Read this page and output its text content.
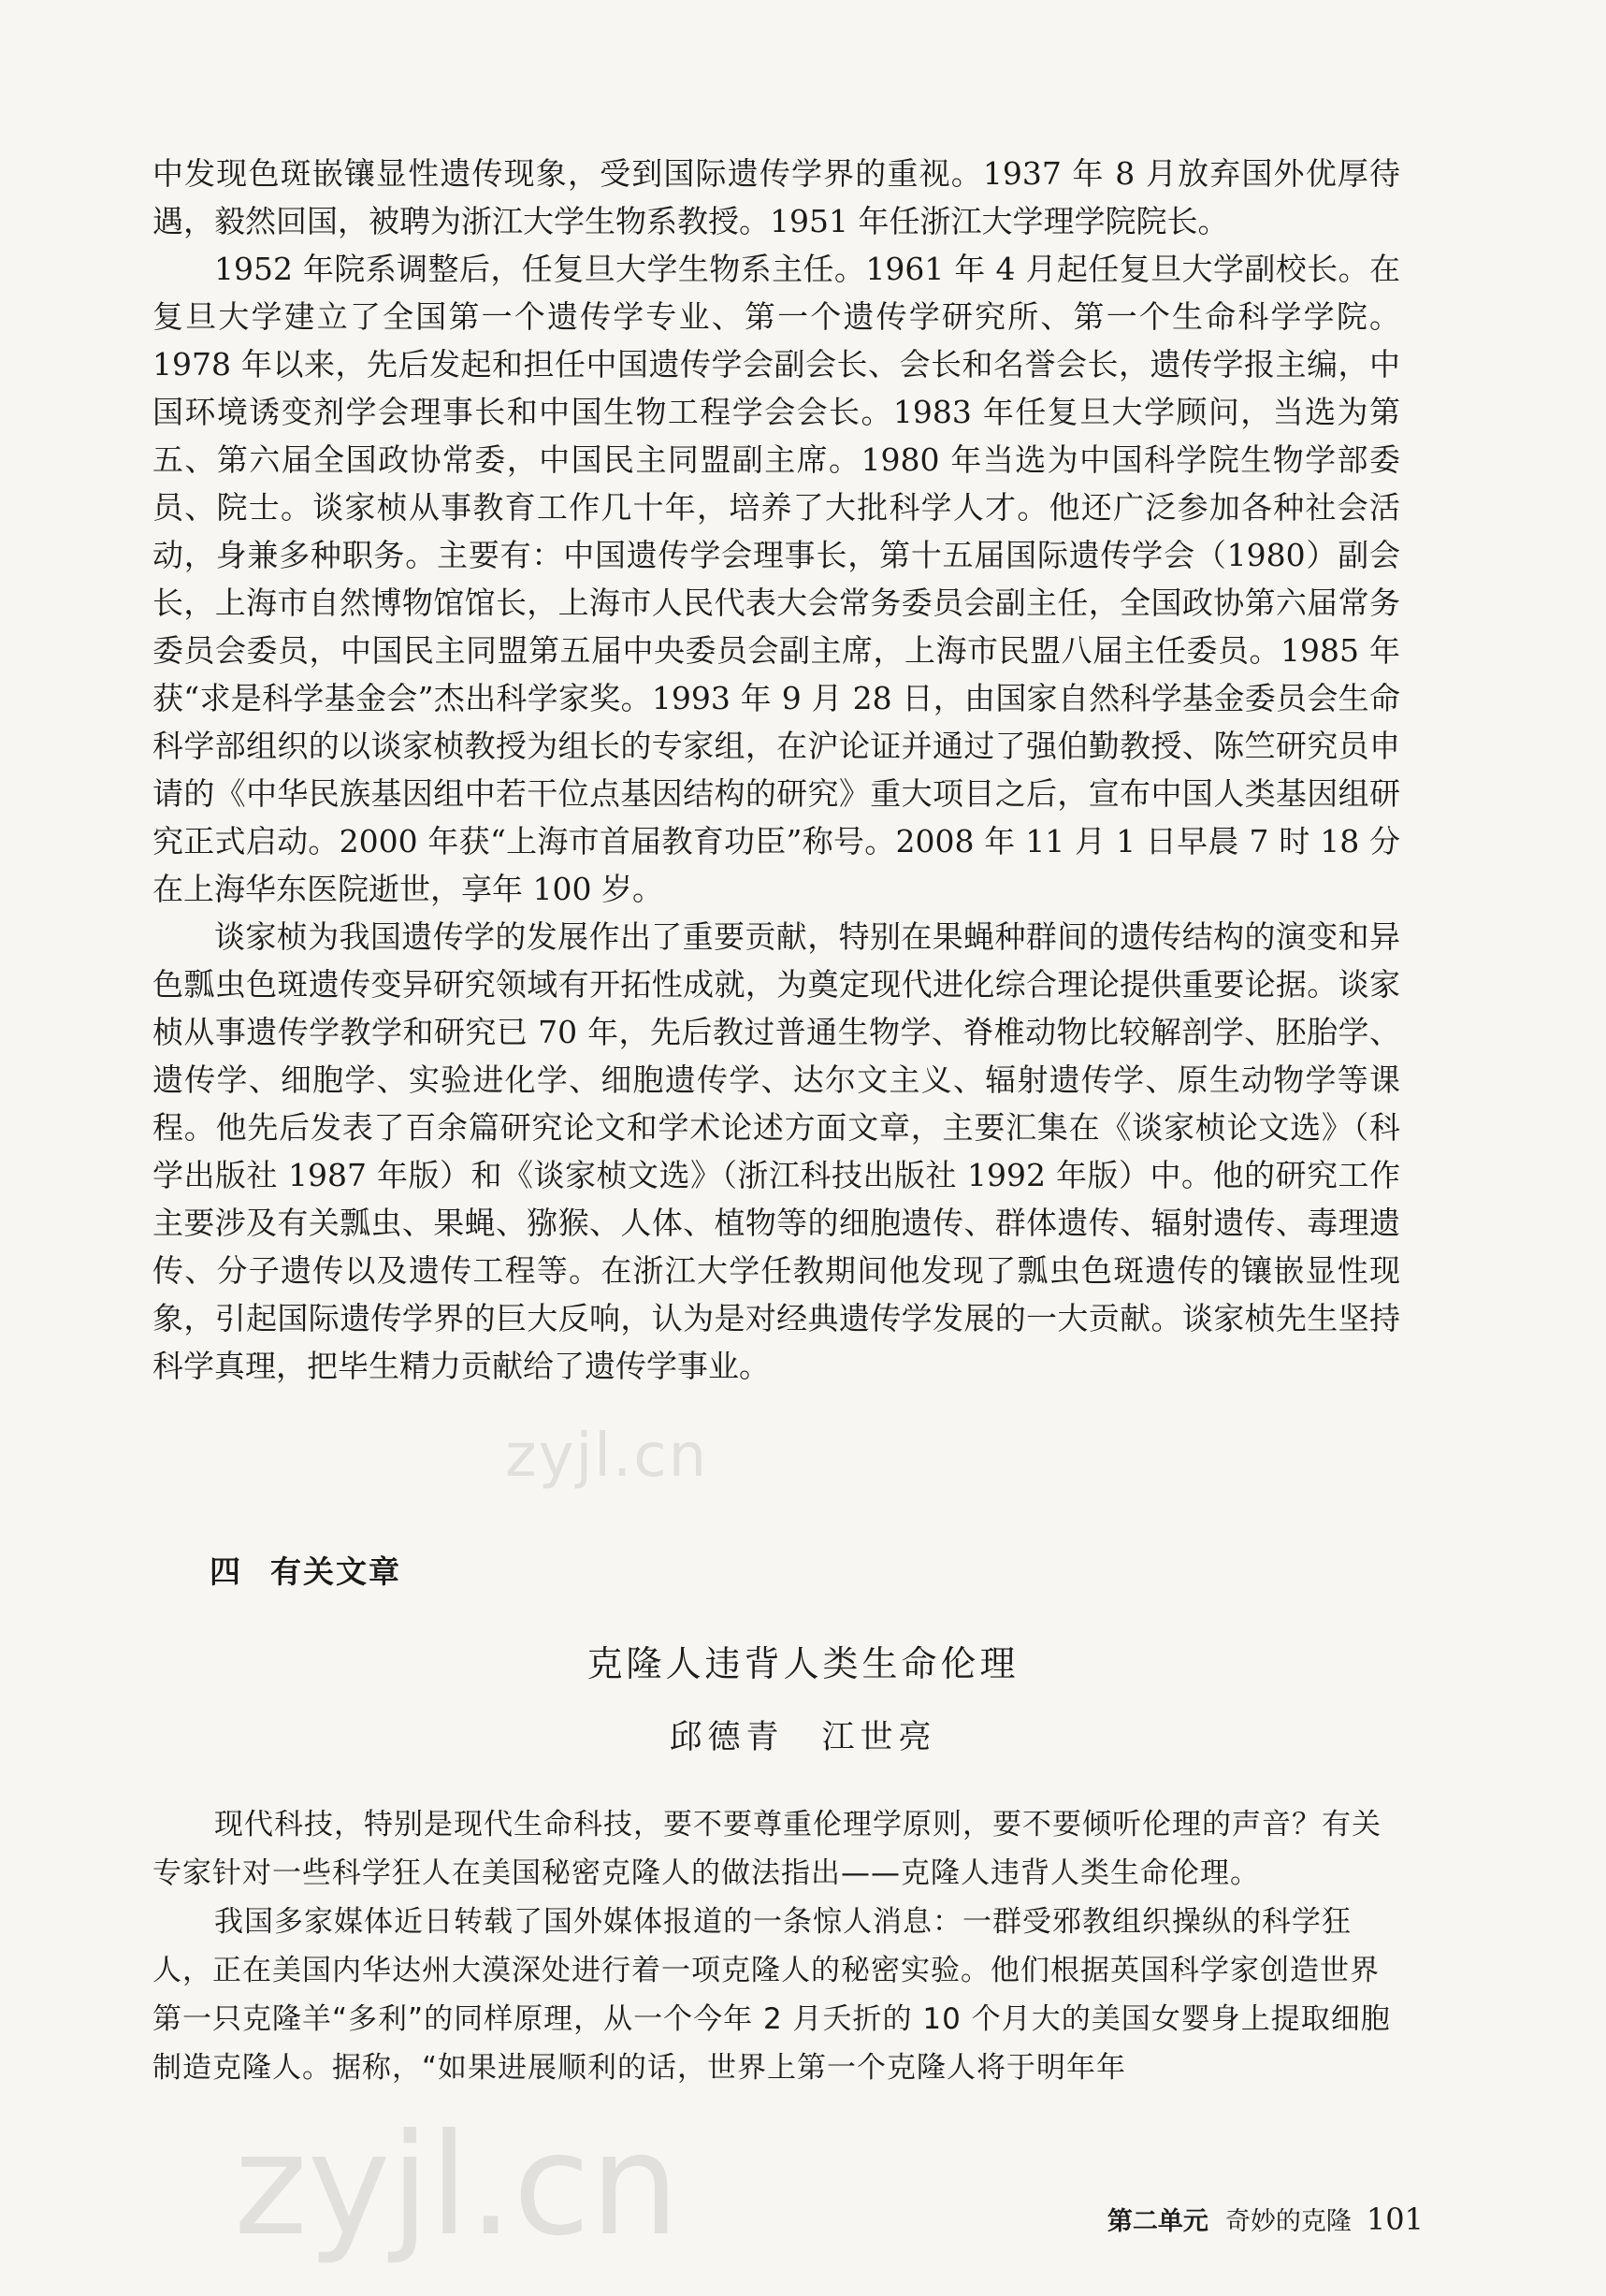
中发现色斑嵌镶显性遗传现象，受到国际遗传学界的重视。1937 年 8 月放弃国外优厚待遇，毅然回国，被聘为浙江大学生物系教授。1951 年任浙江大学理学院院长。

1952 年院系调整后，任复旦大学生物系主任。1961 年 4 月起任复旦大学副校长。在复旦大学建立了全国第一个遗传学专业、第一个遗传学研究所、第一个生命科学学院。1978 年以来，先后发起和担任中国遗传学会副会长、会长和名誉会长，遗传学报主编，中国环境诱变剂学会理事长和中国生物工程学会会长。1983 年任复旦大学顾问，当选为第五、第六届全国政协常委，中国民主同盟副主席。1980 年当选为中国科学院生物学部委员、院士。谈家桢从事教育工作几十年，培养了大批科学人才。他还广泛参加各种社会活动，身兼多种职务。主要有：中国遗传学会理事长，第十五届国际遗传学会（1980）副会长，上海市自然博物馆馆长，上海市人民代表大会常务委员会副主任，全国政协第六届常务委员会委员，中国民主同盟第五届中央委员会副主席，上海市民盟八届主任委员。1985 年获“求是科学基金会”杰出科学家奖。1993 年 9 月 28 日，由国家自然科学基金委员会生命科学部组织的以谈家桢教授为组长的专家组，在沪论证并通过了强伯勤教授、陈竺研究员申请的《中华民族基因组中若干位点基因结构的研究》重大项目之后，宣布中国人类基因组研究正式启动。2000 年获“上海市首届教育功臣”称号。2008 年 11 月 1 日早晨 7 时 18 分在上海华东医院逝世，享年 100 岁。

谈家桢为我国遗传学的发展作出了重要贡献，特别在果蝇种群间的遗传结构的演变和异色瓢虫色斑遗传变异研究领域有开拓性成就，为奠定现代进化综合理论提供重要论据。谈家桢从事遗传学教学和研究已 70 年，先后教过普通生物学、脊椎动物比较解剖学、胚胎学、遗传学、细胞学、实验进化学、细胞遗传学、达尔文主义、辐射遗传学、原生动物学等课程。他先后发表了百余篇研究论文和学术论述方面文章，主要汇集在《谈家桢论文选》（科学出版社 1987 年版）和《谈家桢文选》（浙江科技出版社 1992 年版）中。他的研究工作主要涉及有关瓢虫、果蝇、猕猴、人体、植物等的细胞遗传、群体遗传、辐射遗传、毒理遗传、分子遗传以及遗传工程等。在浙江大学任教期间他发现了瓢虫色斑遗传的镶嵌显性现象，引起国际遗传学界的巨大反响，认为是对经典遗传学发展的一大贡献。谈家桢先生坚持科学真理，把毕生精力贡献给了遗传学事业。

zyjl.cn
四 有关文章
克隆人违背人类生命伦理
邱德青 江世亮

现代科技，特别是现代生命科技，要不要尊重伦理学原则，要不要倾听伦理的声音？有关专家针对一些科学狂人在美国秘密克隆人的做法指出——克隆人违背人类生命伦理。

我国多家媒体近日转载了国外媒体报道的一条惊人消息：一群受邪教组织操纵的科学狂人，正在美国内华达州大漠深处进行着一项克隆人的秘密实验。他们根据英国科学家创造世界第一只克隆羊“多利”的同样原理，从一个今年 2 月夭折的 10 个月大的美国女婴身上提取细胞制造克隆人。据称，“如果进展顺利的话，世界上第一个克隆人将于明年年

zyjl.cn	第二单元 奇妙的克隆 101
